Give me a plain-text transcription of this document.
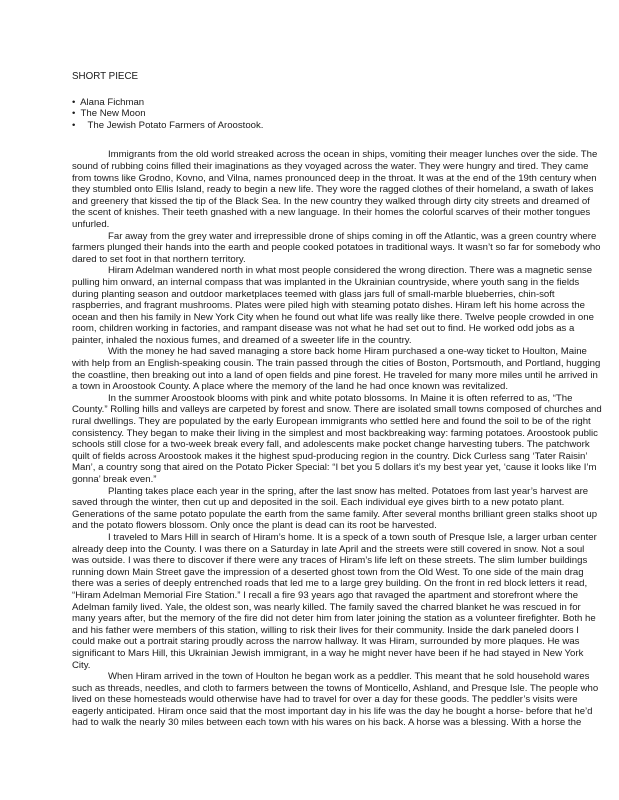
SHORT PIECE
• Alana Fichman
• The New Moon
• The Jewish Potato Farmers of Aroostook.

Immigrants from the old world streaked across the ocean in ships, vomiting their meager lunches over the side. The
sound of rubbing coins filled their imaginations as they voyaged across the water. They were hungry and tired. They came
from towns like Grodno, Kovno, and Vilna, names pronounced deep in the throat. It was at the end of the 19th century when
they stumbled onto Ellis Island, ready to begin a new life. They wore the ragged clothes of their homeland, a swath of lakes
and greenery that kissed the tip of the Black Sea. In the new country they walked through dirty city streets and dreamed of
the scent of knishes. Their teeth gnashed with a new language. In their homes the colorful scarves of their mother tongues
unfurled.

Far away from the grey water and irrepressible drone of ships coming in off the Atlantic, was a green country where
farmers plunged their hands into the earth and people cooked potatoes in traditional ways. It wasn’t so far for somebody who
dared to set foot in that northern territory.

Hiram Adelman wandered north in what most people considered the wrong direction. There was a magnetic sense
pulling him onward, an internal compass that was implanted in the Ukrainian countryside, where youth sang in the fields
during planting season and outdoor marketplaces teemed with glass jars full of small-marble blueberries, chin-soft
raspberries, and fragrant mushrooms. Plates were piled high with steaming potato dishes. Hiram left his home across the
ocean and then his family in New York City when he found out what life was really like there. Twelve people crowded in one
room, children working in factories, and rampant disease was not what he had set out to find. He worked odd jobs as a
painter, inhaled the noxious fumes, and dreamed of a sweeter life in the country.

With the money he had saved managing a store back home Hiram purchased a one-way ticket to Houlton, Maine
with help from an English-speaking cousin. The train passed through the cities of Boston, Portsmouth, and Portland, hugging
the coastline, then breaking out into a land of open fields and pine forest. He traveled for many more miles until he arrived in
a town in Aroostook County. A place where the memory of the land he had once known was revitalized.

In the summer Aroostook blooms with pink and white potato blossoms. In Maine it is often referred to as, “The
County.” Rolling hills and valleys are carpeted by forest and snow. There are isolated small towns composed of churches and
rural dwellings. They are populated by the early European immigrants who settled here and found the soil to be of the right
consistency. They began to make their living in the simplest and most backbreaking way: farming potatoes. Aroostook public
schools still close for a two-week break every fall, and adolescents make pocket change harvesting tubers. The patchwork
quilt of fields across Aroostook makes it the highest spud-producing region in the country. Dick Curless sang ‘Tater Raisin’
Man’, a country song that aired on the Potato Picker Special: “I bet you 5 dollars it’s my best year yet, ‘cause it looks like I’m
gonna’ break even.”

Planting takes place each year in the spring, after the last snow has melted. Potatoes from last year’s harvest are
saved through the winter, then cut up and deposited in the soil. Each individual eye gives birth to a new potato plant.
Generations of the same potato populate the earth from the same family. After several months brilliant green stalks shoot up
and the potato flowers blossom. Only once the plant is dead can its root be harvested.

I traveled to Mars Hill in search of Hiram’s home. It is a speck of a town south of Presque Isle, a larger urban center
already deep into the County. I was there on a Saturday in late April and the streets were still covered in snow. Not a soul
was outside. I was there to discover if there were any traces of Hiram’s life left on these streets. The slim lumber buildings
running down Main Street gave the impression of a deserted ghost town from the Old West. To one side of the main drag
there was a series of deeply entrenched roads that led me to a large grey building. On the front in red block letters it read,
“Hiram Adelman Memorial Fire Station.” I recall a fire 93 years ago that ravaged the apartment and storefront where the
Adelman family lived. Yale, the oldest son, was nearly killed. The family saved the charred blanket he was rescued in for
many years after, but the memory of the fire did not deter him from later joining the station as a volunteer firefighter. Both he
and his father were members of this station, willing to risk their lives for their community. Inside the dark paneled doors I
could make out a portrait staring proudly across the narrow hallway. It was Hiram, surrounded by more plaques. He was
significant to Mars Hill, this Ukrainian Jewish immigrant, in a way he might never have been if he had stayed in New York
City.

When Hiram arrived in the town of Houlton he began work as a peddler. This meant that he sold household wares
such as threads, needles, and cloth to farmers between the towns of Monticello, Ashland, and Presque Isle. The people who
lived on these homesteads would otherwise have had to travel for over a day for these goods. The peddler’s visits were
eagerly anticipated. Hiram once said that the most important day in his life was the day he bought a horse- before that he’d
had to walk the nearly 30 miles between each town with his wares on his back. A horse was a blessing. With a horse the
